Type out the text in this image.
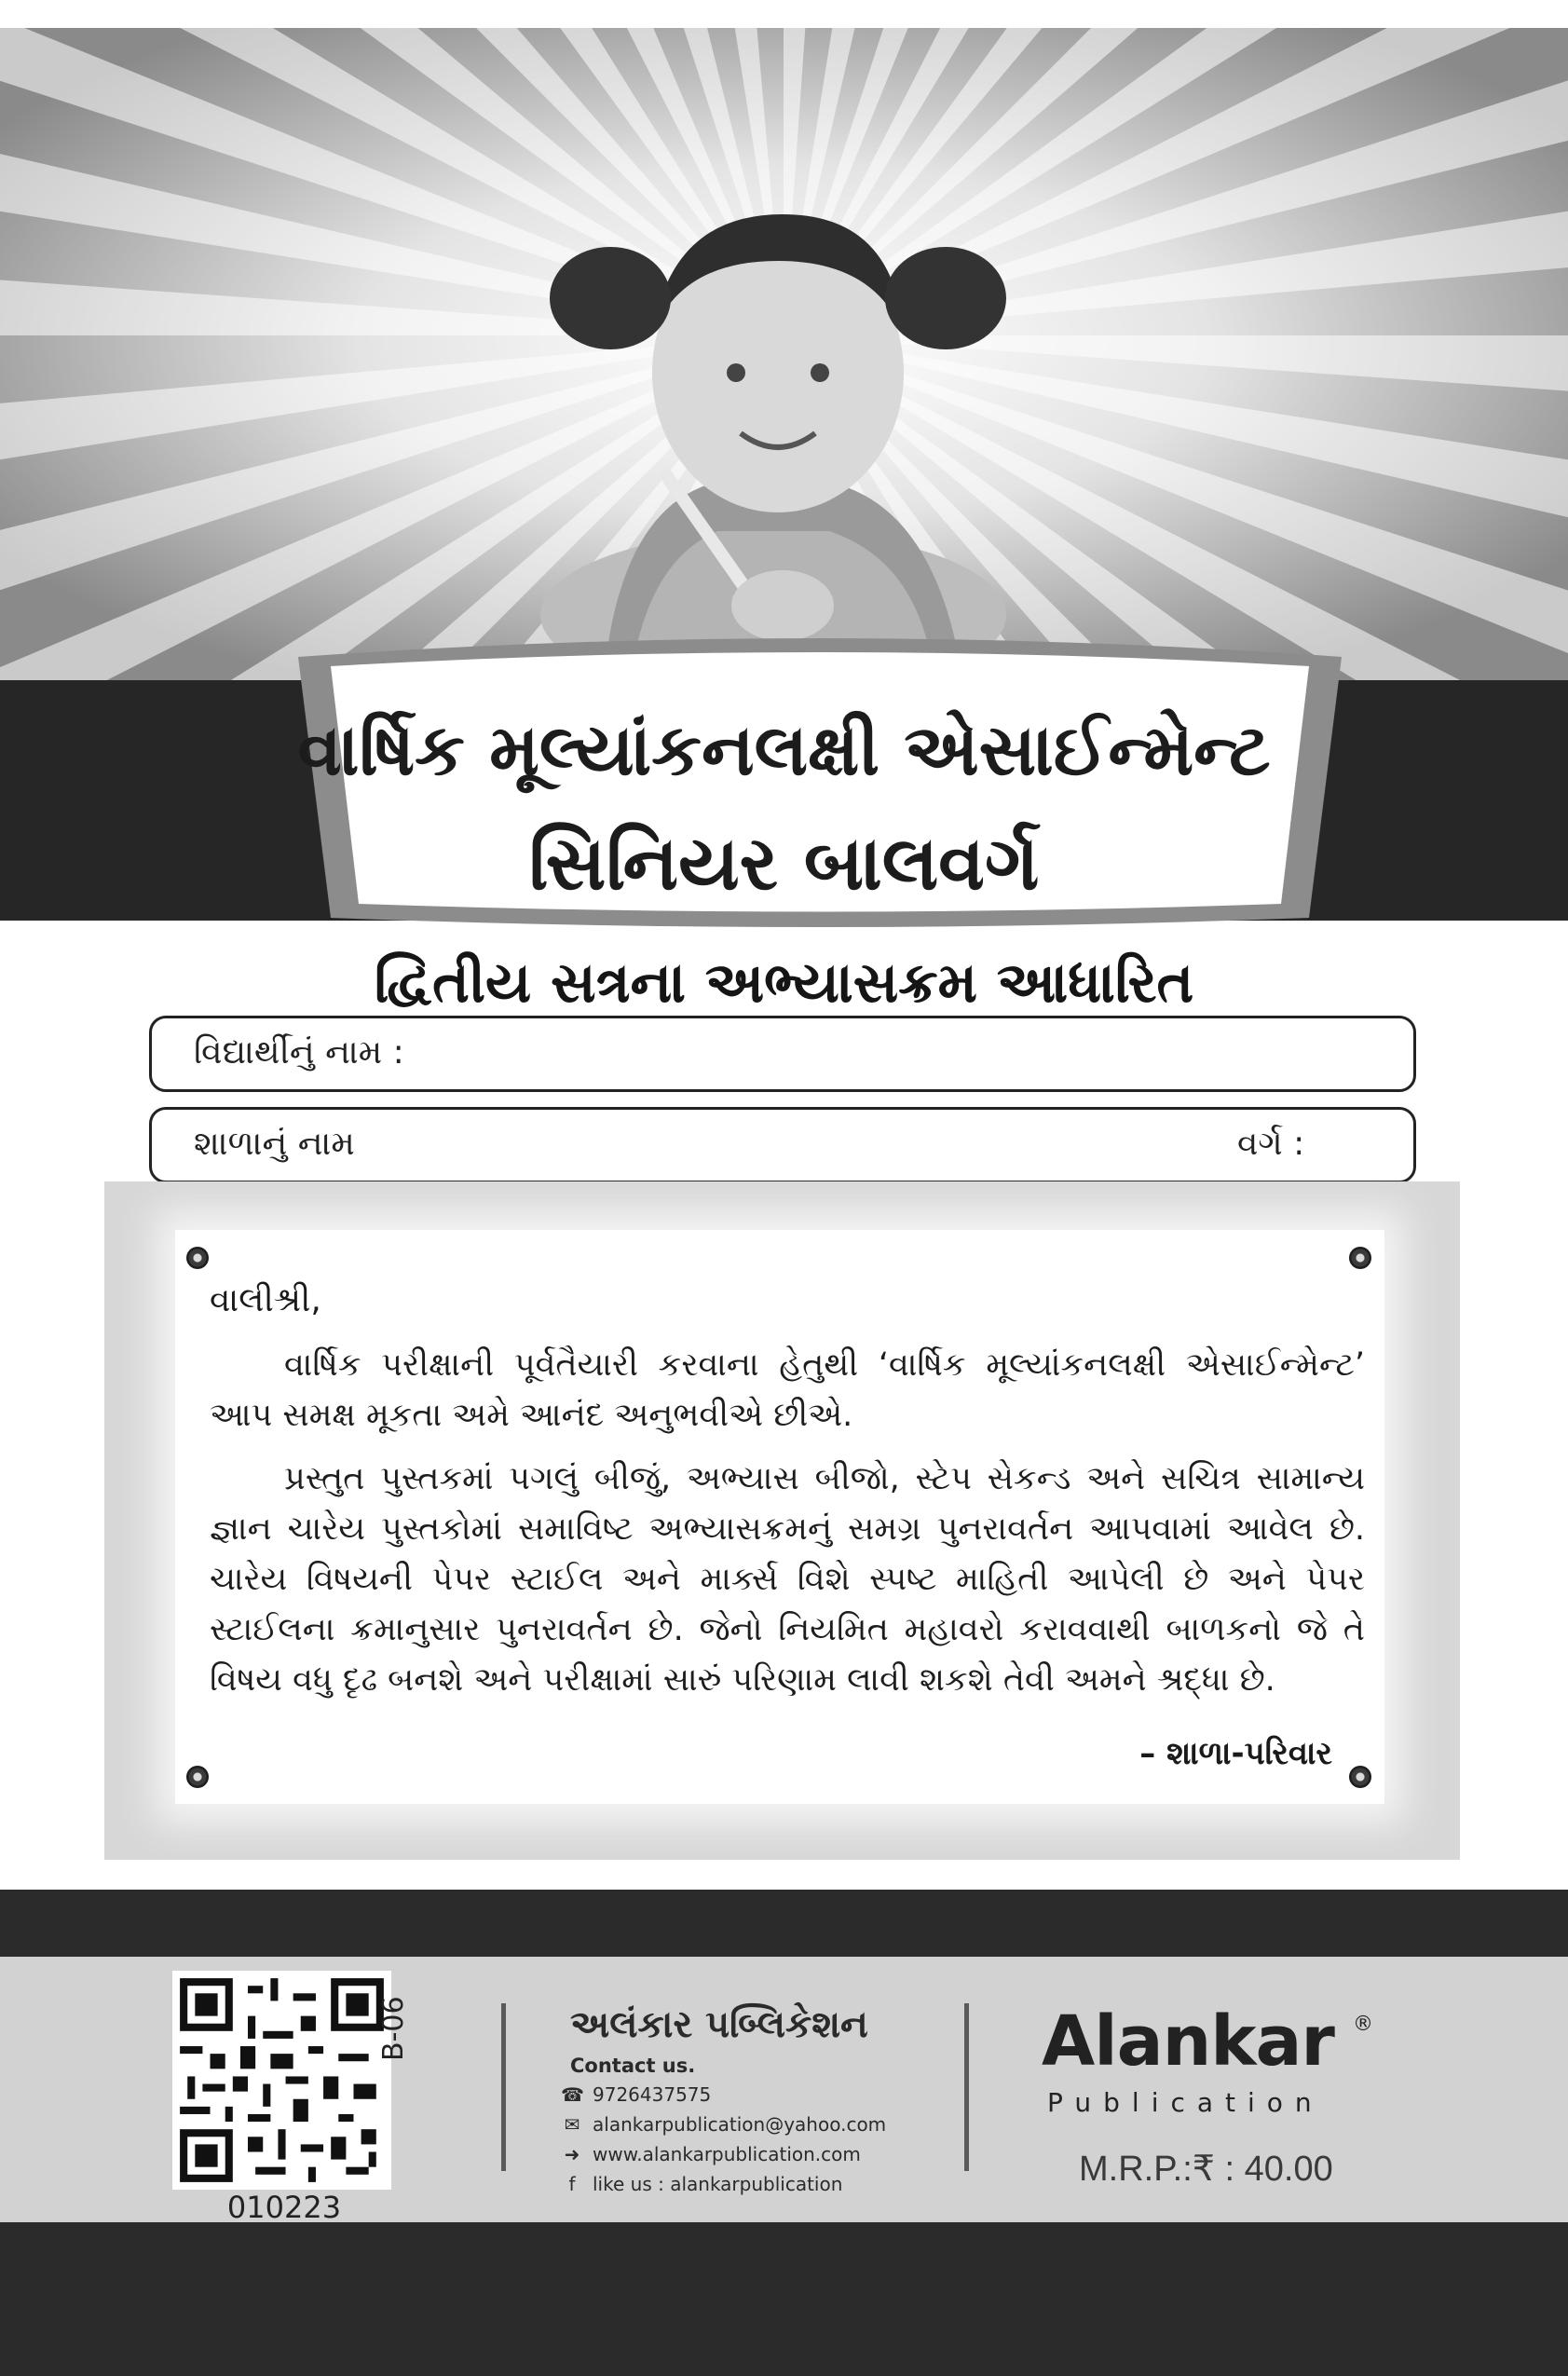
વાર્ષિક મૂલ્યાંકનલક્ષી એસાઈન્મેન્ટ
સિનિયર બાલવર્ગ
દ્વિતીય સત્રના અભ્યાસક્રમ આધારિત
વિદ્યાર્થીનું નામ :
શાળાનું નામ	વર્ગ :
વાલીશ્રી,
વાર્ષિક પરીક્ષાની પૂર્વતૈયારી કરવાના હેતુથી ‘વાર્ષિક મૂલ્યાંકનલક્ષી એસાઈન્મેન્ટ’ આપ સમક્ષ મૂકતા અમે આનંદ અનુભવીએ છીએ.
પ્રસ્તુત પુસ્તકમાં પગલું બીજું, અભ્યાસ બીજો, સ્ટેપ સેકન્ડ અને સચિત્ર સામાન્ય જ્ઞાન ચારેય પુસ્તકોમાં સમાવિષ્ટ અભ્યાસક્રમનું સમગ્ર પુનરાવર્તન આપવામાં આવેલ છે. ચારેય વિષયની પેપર સ્ટાઈલ અને માર્ક્સ વિશે સ્પષ્ટ માહિતી આપેલી છે અને પેપર સ્ટાઈલના ક્રમાનુસાર પુનરાવર્તન છે. જેનો નિયમિત મહાવરો કરાવવાથી બાળકનો જે તે વિષય વધુ દૃઢ બનશે અને પરીક્ષામાં સારું પરિણામ લાવી શકશે તેવી અમને શ્રદ્ધા છે.
– શાળા-પરિવાર
010223
B-06	અલંકાર પબ્લિકેશન
Contact us.
☎ 9726437575
✉ alankarpublication@yahoo.com
➜ www.alankarpublication.com
f like us : alankarpublication
Alankar ®
Publication
M.R.P.:₹ : 40.00
